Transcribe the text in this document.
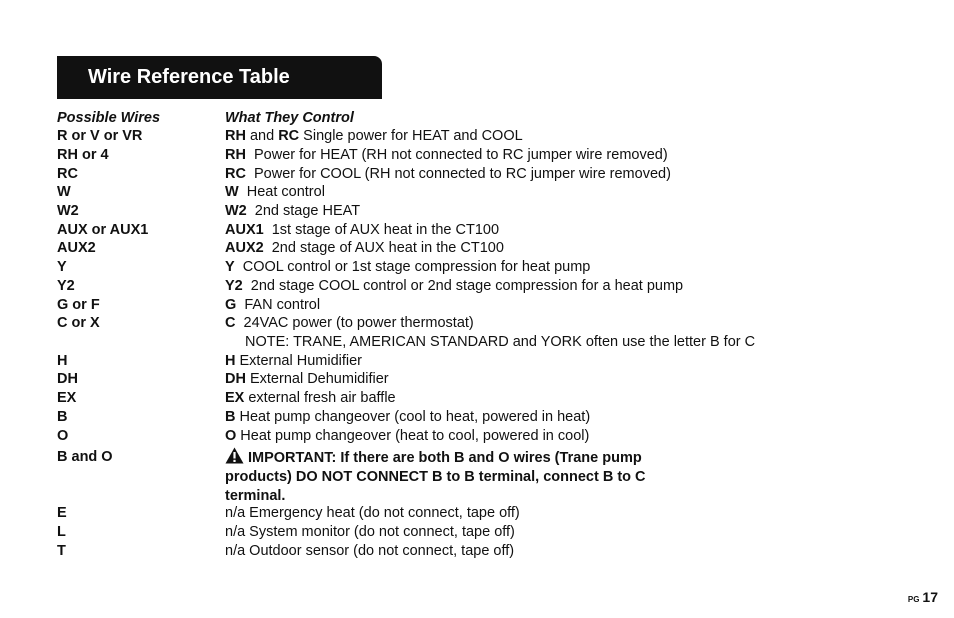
Wire Reference Table
Possible Wires	What They Control
R or V or VR	RH and RC Single power for HEAT and COOL
RH or 4	RH  Power for HEAT (RH not connected to RC jumper wire removed)
RC	RC  Power for COOL (RH not connected to RC jumper wire removed)
W	W  Heat control
W2	W2  2nd stage HEAT
AUX or AUX1	AUX1  1st stage of AUX heat in the CT100
AUX2	AUX2  2nd stage of AUX heat in the CT100
Y	Y  COOL control or 1st stage compression for heat pump
Y2	Y2  2nd stage COOL control or 2nd stage compression for a heat pump
G or F	G  FAN control
C or X	C  24VAC power (to power thermostat)
NOTE: TRANE, AMERICAN STANDARD and YORK often use the letter B for C
H	H External Humidifier
DH	DH External Dehumidifier
EX	EX external fresh air baffle
B	B Heat pump changeover (cool to heat, powered in heat)
O	O Heat pump changeover (heat to cool, powered in cool)
B and O	IMPORTANT: If there are both B and O wires (Trane pump products) DO NOT CONNECT B to B terminal, connect B to C terminal.
E	n/a Emergency heat (do not connect, tape off)
L	n/a System monitor (do not connect, tape off)
T	n/a Outdoor sensor (do not connect, tape off)
PG 17
